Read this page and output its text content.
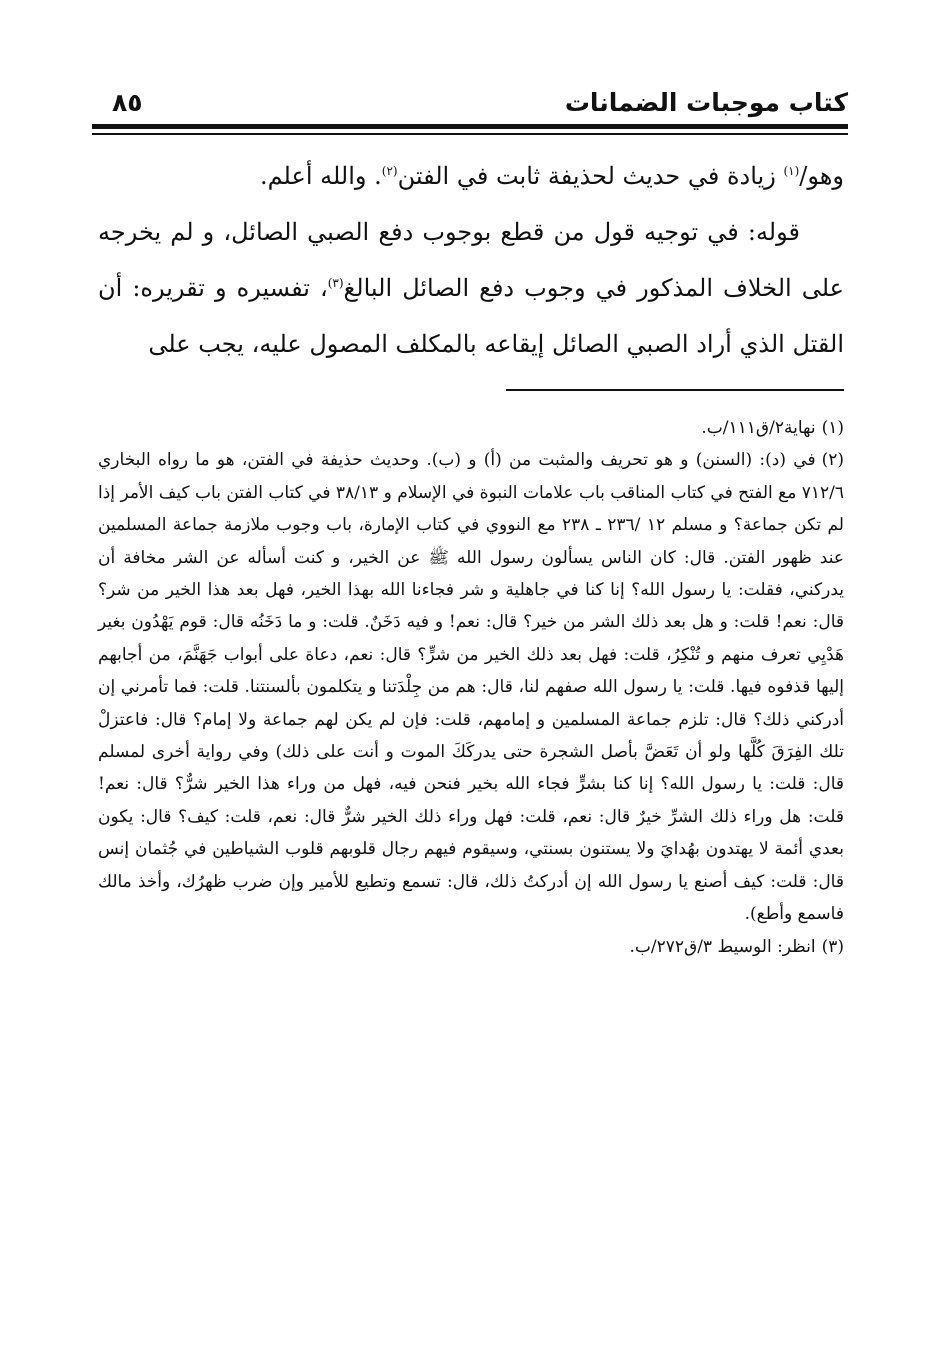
كتاب موجبات الضمانات
٨٥

وهو/$^{(١)}$ زيادة في حديث لحذيفة ثابت في الفتن$^{(٢)}$. والله أعلم.

قوله: في توجيه قول من قطع بوجوب دفع الصبي الصائل، و لم يخرجه على الخلاف المذكور في وجوب دفع الصائل البالغ$^{(٣)}$، تفسيره و تقريره: أن القتل الذي أراد الصبي الصائل إيقاعه بالمكلف المصول عليه، يجب على

(١)نهاية٢/ق١١١/ب.

(٢)في (د): (السنن) و هو تحريف والمثبت من (أ) و (ب). وحديث حذيفة في الفتن، هو ما رواه البخاري ٧١٢/٦ مع الفتح في كتاب المناقب باب علامات النبوة في الإسلام و ٣٨/١٣ في كتاب الفتن باب كيف الأمر إذا لم تكن جماعة؟ و مسلم ١٢ /٢٣٦ ـ ٢٣٨ مع النووي في كتاب الإمارة، باب وجوب ملازمة جماعة المسلمين عند ظهور الفتن. قال: كان الناس يسألون رسول الله ﷺ عن الخير، و كنت أسأله عن الشر مخافة أن يدركني، فقلت: يا رسول الله؟ إنا كنا في جاهلية و شر فجاءنا الله بهذا الخير، فهل بعد هذا الخير من شر؟ قال: نعم! قلت: و هل بعد ذلك الشر من خير؟ قال: نعم! و فيه دَخَنٌ. قلت: و ما دَخَنُه قال: قوم يَهْدُون بغير هَدْيِي تعرف منهم و تُنْكِرُ، قلت: فهل بعد ذلك الخير من شرٍّ؟ قال: نعم، دعاة على أبواب جَهَنَّمَ، من أجابهم إليها قذفوه فيها. قلت: يا رسول الله صفهم لنا، قال: هم من جِلْدَتنا و يتكلمون بألسنتنا. قلت: فما تأمرني إن أدركني ذلك؟ قال: تلزم جماعة المسلمين و إمامهم، قلت: فإن لم يكن لهم جماعة ولا إمام؟ قال: فاعتزلْ تلك الفِرَقَ كُلَّها ولو أن تَعَضَّ بأصل الشجرة حتى يدركَكَ الموت و أنت على ذلك) وفي رواية أخرى لمسلم قال: قلت: يا رسول الله؟ إنا كنا بشرٍّ فجاء الله بخير فنحن فيه، فهل من وراء هذا الخير شرٌّ؟ قال: نعم! قلت: هل وراء ذلك الشرِّ خيرٌ قال: نعم، قلت: فهل وراء ذلك الخير شرٌّ قال: نعم، قلت: كيف؟ قال: يكون بعدي أئمة لا يهتدون بهُدايَ ولا يستنون بسنتي، وسيقوم فيهم رجال قلوبهم قلوب الشياطين في جُثمان إنس قال: قلت: كيف أصنع يا رسول الله إن أدركتُ ذلك، قال: تسمع وتطيع للأمير وإن ضرب ظهرُك، وأخذ مالك فاسمع وأطع).

(٣)انظر: الوسيط ٣/ق٢٧٢/ب.
